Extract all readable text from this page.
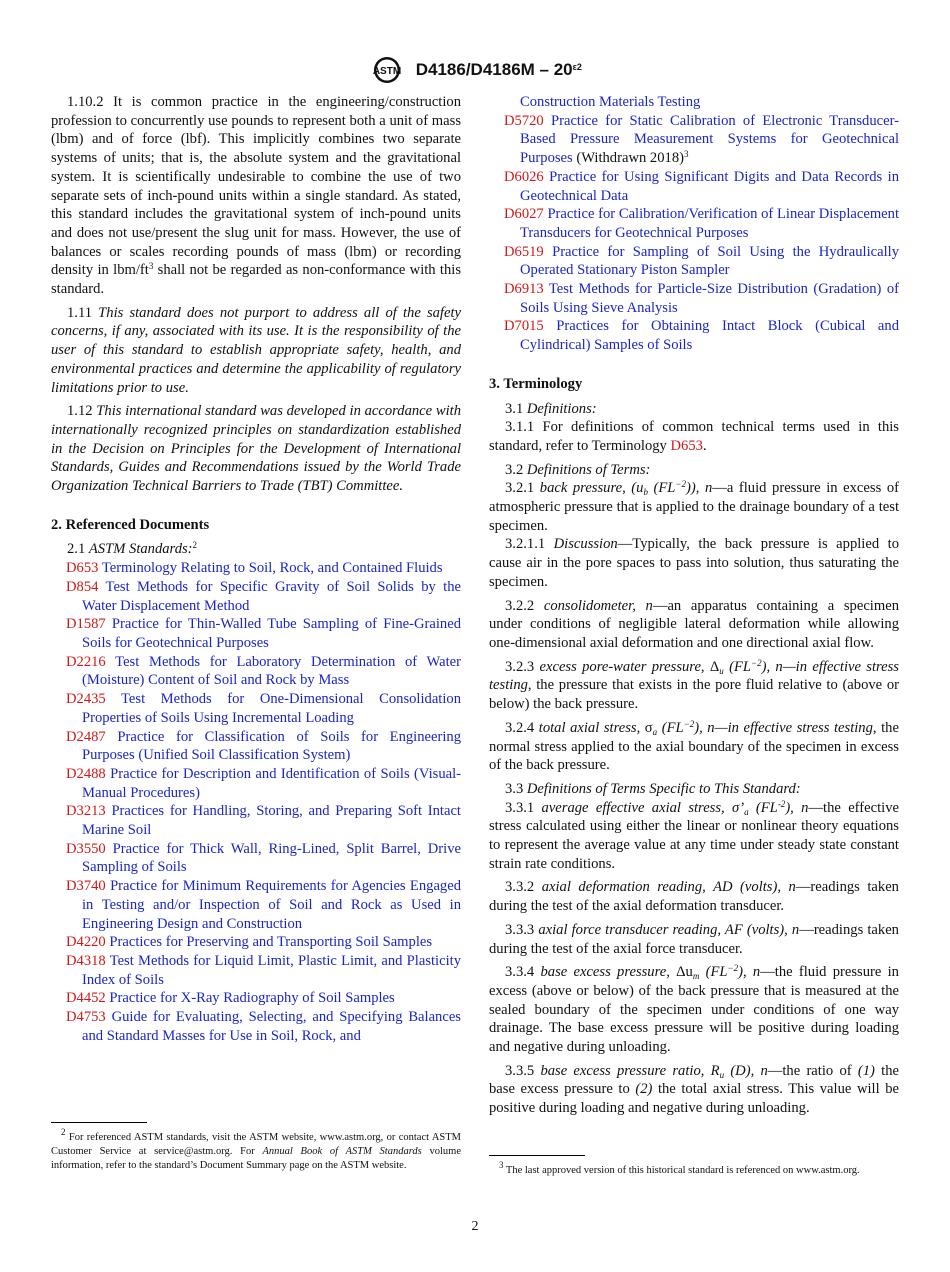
ASTM $D4186/D4186M - 20^{\varepsilon 2}$

1.10.2 It is common practice in the engineering/construction profession to concurrently use pounds to represent both a unit of mass (lbm) and of force (lbf). This implicitly combines two separate systems of units; that is, the absolute system and the gravitational system. It is scientifically undesirable to combine the use of two separate sets of inch-pound units within a single standard. As stated, this standard includes the gravitational system of inch-pound units and does not use/present the slug unit for mass. However, the use of balances or scales recording pounds of mass (lbm) or recording density in lbm/$ft^3$ shall not be regarded as non-conformance with this standard.

1.11 This standard does not purport to address all of the safety concerns, if any, associated with its use. It is the responsibility of the user of this standard to establish appropriate safety, health, and environmental practices and determine the applicability of regulatory limitations prior to use.

1.12 This international standard was developed in accordance with internationally recognized principles on standardization established in the Decision on Principles for the Development of International Standards, Guides and Recommendations issued by the World Trade Organization Technical Barriers to Trade (TBT) Committee.

2. Referenced Documents

2.1 ASTM Standards:$^2$

D653 Terminology Relating to Soil, Rock, and Contained Fluids
D854 Test Methods for Specific Gravity of Soil Solids by the Water Displacement Method
D1587 Practice for Thin-Walled Tube Sampling of Fine-Grained Soils for Geotechnical Purposes
D2216 Test Methods for Laboratory Determination of Water (Moisture) Content of Soil and Rock by Mass
D2435 Test Methods for One-Dimensional Consolidation Properties of Soils Using Incremental Loading
D2487 Practice for Classification of Soils for Engineering Purposes (Unified Soil Classification System)
D2488 Practice for Description and Identification of Soils (Visual-Manual Procedures)
D3213 Practices for Handling, Storing, and Preparing Soft Intact Marine Soil
D3550 Practice for Thick Wall, Ring-Lined, Split Barrel, Drive Sampling of Soils
D3740 Practice for Minimum Requirements for Agencies Engaged in Testing and/or Inspection of Soil and Rock as Used in Engineering Design and Construction
D4220 Practices for Preserving and Transporting Soil Samples
D4318 Test Methods for Liquid Limit, Plastic Limit, and Plasticity Index of Soils
D4452 Practice for X-Ray Radiography of Soil Samples
D4753 Guide for Evaluating, Selecting, and Specifying Balances and Standard Masses for Use in Soil, Rock, and

$^2$ For referenced ASTM standards, visit the ASTM website, www.astm.org, or contact ASTM Customer Service at service@astm.org. For Annual Book of ASTM Standards volume information, refer to the standard’s Document Summary page on the ASTM website.

Construction Materials Testing
D5720 Practice for Static Calibration of Electronic Transducer-Based Pressure Measurement Systems for Geotechnical Purposes (Withdrawn 2018)$^3$
D6026 Practice for Using Significant Digits and Data Records in Geotechnical Data
D6027 Practice for Calibration/Verification of Linear Displacement Transducers for Geotechnical Purposes
D6519 Practice for Sampling of Soil Using the Hydraulically Operated Stationary Piston Sampler
D6913 Test Methods for Particle-Size Distribution (Gradation) of Soils Using Sieve Analysis
D7015 Practices for Obtaining Intact Block (Cubical and Cylindrical) Samples of Soils
3. Terminology

3.1 Definitions:

3.1.1 For definitions of common technical terms used in this standard, refer to Terminology D653.

3.2 Definitions of Terms:

3.2.1 back pressure, ($u_b$ $(FL^{-2})$), n—a fluid pressure in excess of atmospheric pressure that is applied to the drainage boundary of a test specimen.

3.2.1.1 Discussion—Typically, the back pressure is applied to cause air in the pore spaces to pass into solution, thus saturating the specimen.

3.2.2 consolidometer, n—an apparatus containing a specimen under conditions of negligible lateral deformation while allowing one-dimensional axial deformation and one directional axial flow.

3.2.3 excess pore-water pressure, $\Delta_u$ $(FL^{-2})$, n—in effective stress testing, the pressure that exists in the pore fluid relative to (above or below) the back pressure.

3.2.4 total axial stress, $\sigma_a$ $(FL^{-2})$, n—in effective stress testing, the normal stress applied to the axial boundary of the specimen in excess of the back pressure.

3.3 Definitions of Terms Specific to This Standard:

3.3.1 average effective axial stress, $\sigma’_a$ $(FL^{-2})$, n—the effective stress calculated using either the linear or nonlinear theory equations to represent the average value at any time under steady state constant strain rate conditions.

3.3.2 axial deformation reading, AD (volts), n—readings taken during the test of the axial deformation transducer.

3.3.3 axial force transducer reading, AF (volts), n—readings taken during the test of the axial force transducer.

3.3.4 base excess pressure, $\Delta u_m$ $(FL^{-2})$, n—the fluid pressure in excess (above or below) of the back pressure that is measured at the sealed boundary of the specimen under conditions of one way drainage. The base excess pressure will be positive during loading and negative during unloading.

3.3.5 base excess pressure ratio, $R_u$ (D), n—the ratio of (1) the base excess pressure to (2) the total axial stress. This value will be positive during loading and negative during unloading.

$^3$ The last approved version of this historical standard is referenced on www.astm.org.

2
